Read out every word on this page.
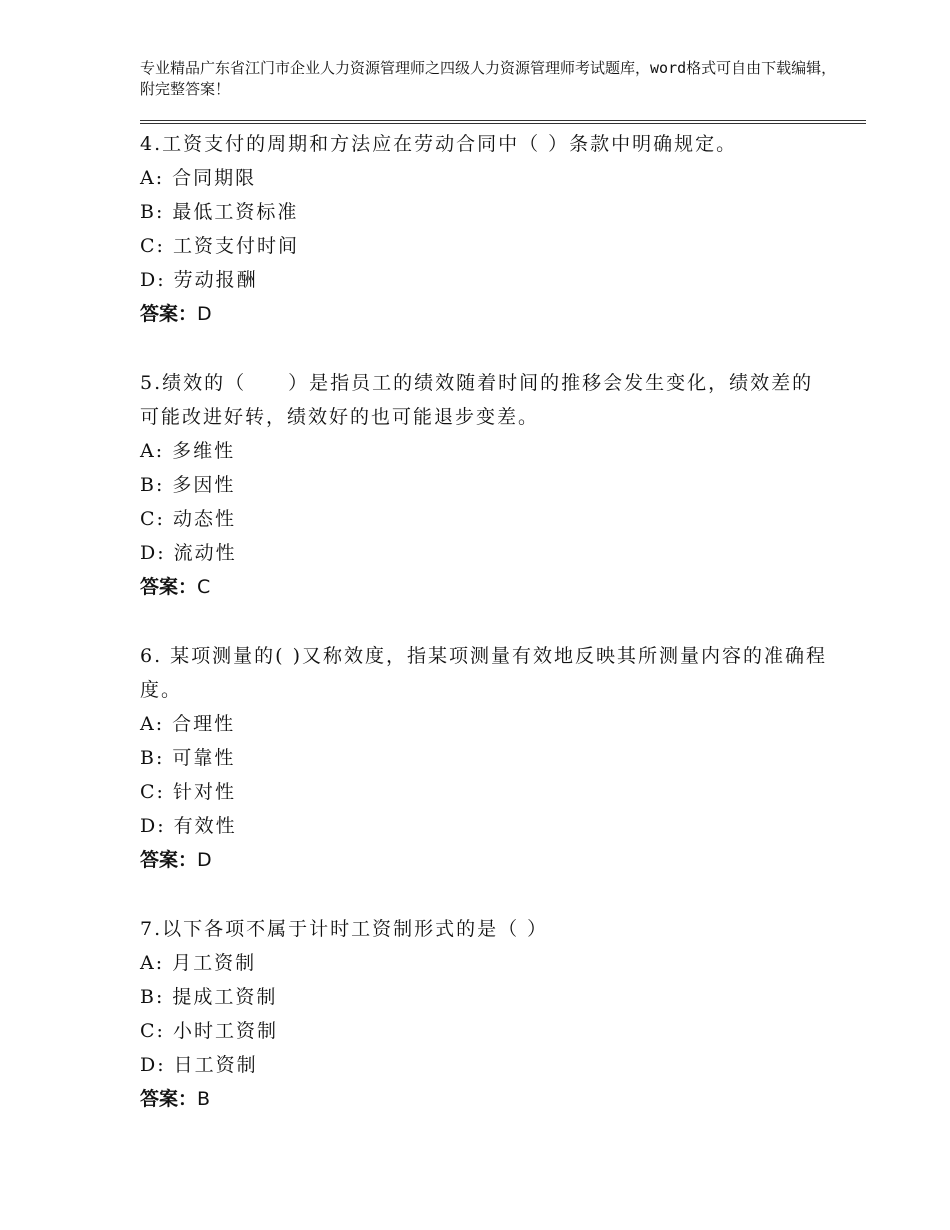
专业精品广东省江门市企业人力资源管理师之四级人力资源管理师考试题库，word格式可自由下载编辑，附完整答案！

4.工资支付的周期和方法应在劳动合同中（ ）条款中明确规定。

A: 合同期限

B: 最低工资标准

C: 工资支付时间

D: 劳动报酬

答案：D

5.绩效的（　　）是指员工的绩效随着时间的推移会发生变化，绩效差的可能改进好转，绩效好的也可能退步变差。

A: 多维性

B: 多因性

C: 动态性

D: 流动性

答案：C

6. 某项测量的( )又称效度，指某项测量有效地反映其所测量内容的准确程度。

A: 合理性

B: 可靠性

C: 针对性

D: 有效性

答案：D

7.以下各项不属于计时工资制形式的是（ ）

A: 月工资制

B: 提成工资制

C: 小时工资制

D: 日工资制

答案：B
